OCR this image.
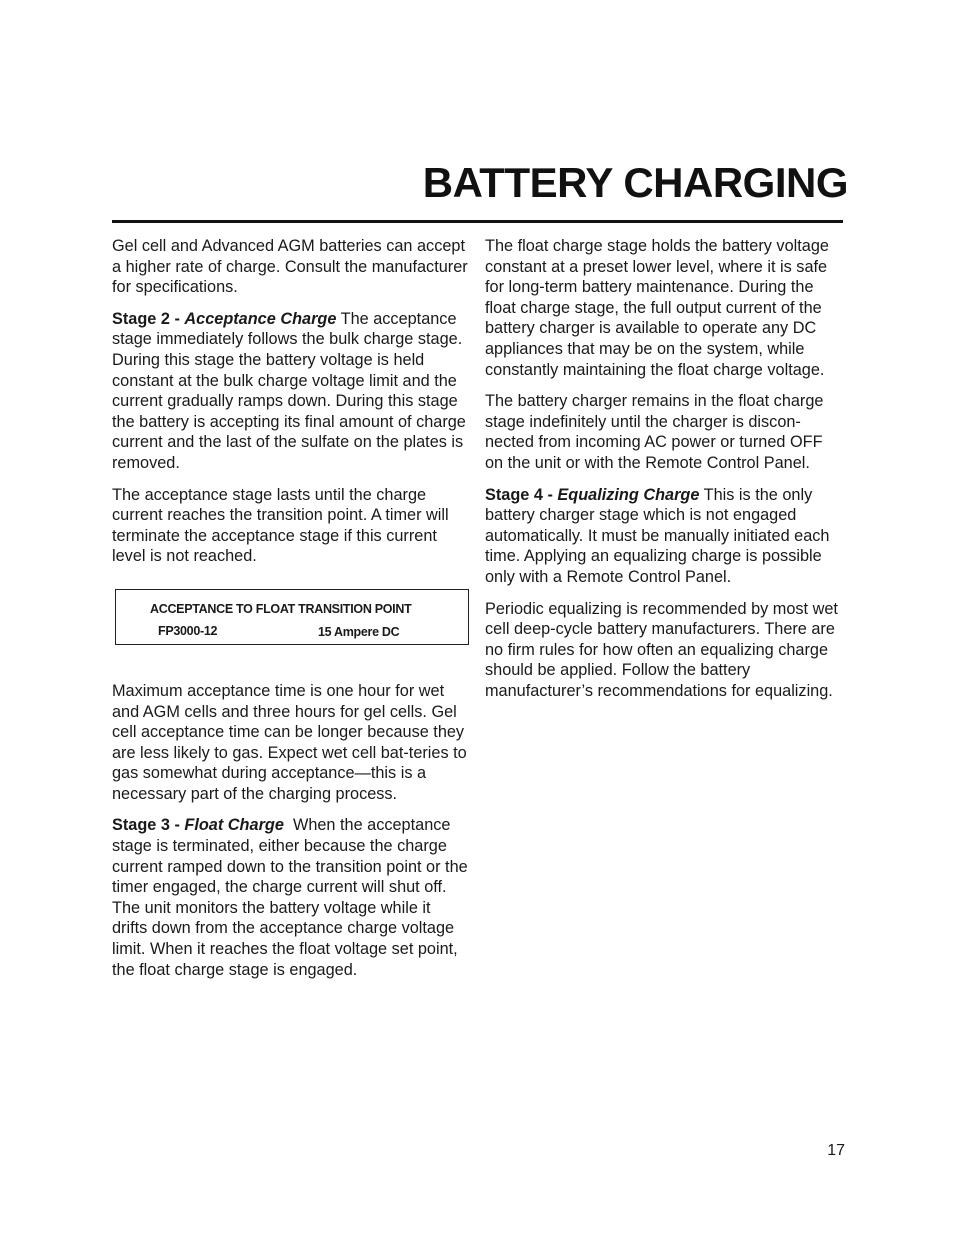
BATTERY CHARGING

Gel cell and Advanced AGM batteries can accept a higher rate of charge. Consult the manufacturer for specifications.

Stage 2 - Acceptance Charge The acceptance stage immediately follows the bulk charge stage. During this stage the battery voltage is held constant at the bulk charge voltage limit and the current gradually ramps down. During this stage the battery is accepting its final amount of charge current and the last of the sulfate on the plates is removed.

The acceptance stage lasts until the charge current reaches the transition point. A timer will terminate the acceptance stage if this current level is not reached.

ACCEPTANCE TO FLOAT TRANSITION POINT
FP3000-12	15 Ampere DC

Maximum acceptance time is one hour for wet and AGM cells and three hours for gel cells. Gel cell acceptance time can be longer because they are less likely to gas. Expect wet cell bat-teries to gas somewhat during acceptance—this is a necessary part of the charging process.

Stage 3 - Float Charge  When the acceptance stage is terminated, either because the charge current ramped down to the transition point or the timer engaged, the charge current will shut off. The unit monitors the battery voltage while it drifts down from the acceptance charge voltage limit. When it reaches the float voltage set point, the float charge stage is engaged.

The float charge stage holds the battery voltage constant at a preset lower level, where it is safe for long-term battery maintenance. During the float charge stage, the full output current of the battery charger is available to operate any DC appliances that may be on the system, while constantly maintaining the float charge voltage.

The battery charger remains in the float charge stage indefinitely until the charger is discon-nected from incoming AC power or turned OFF on the unit or with the Remote Control Panel.

Stage 4 - Equalizing Charge This is the only battery charger stage which is not engaged automatically. It must be manually initiated each time. Applying an equalizing charge is possible only with a Remote Control Panel.

Periodic equalizing is recommended by most wet cell deep-cycle battery manufacturers. There are no firm rules for how often an equalizing charge should be applied. Follow the battery manufacturer’s recommendations for equalizing.

17
